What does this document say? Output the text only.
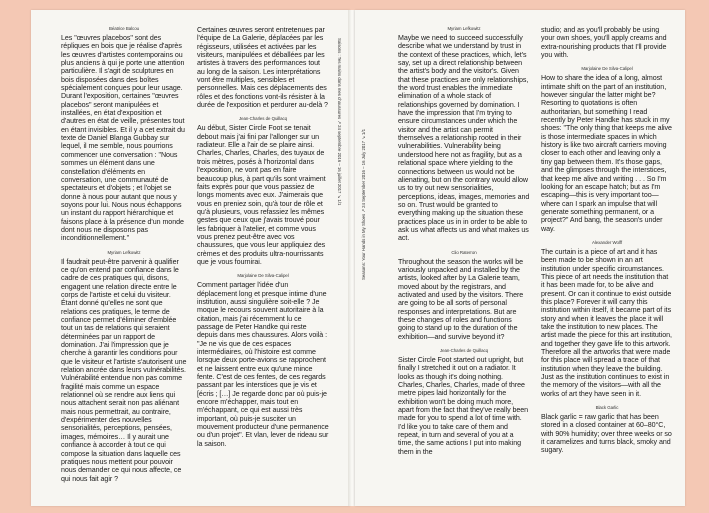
Béatrice Balcou

Les "œuvres placebos" sont des répliques en bois que je réalise d'après les œuvres d'artistes contemporains ou plus anciens à qui je porte une attention particulière. Il s'agit de sculptures en bois disposées dans des boîtes spécialement conçues pour leur usage. Durant l'exposition, certaines "œuvres placebos" seront manipulées et installées, en état d'exposition et d'autres en état de veille, présentes tout en étant invisibles. Et il y a cet extrait du texte de Daniel Blanga Gubbay sur lequel, il me semble, nous pourrions commencer une conversation : "Nous sommes un élément dans une constellation d'éléments en conversation, une communauté de spectateurs et d'objets ; et l'objet se donne à nous pour autant que nous y soyons pour lui. Nous nous échappons un instant du rapport hiérarchique et faisons place à la présence d'un monde dont nous ne disposons pas inconditionnellement."

Myriam Lefkowitz

Il faudrait peut-être parvenir à qualifier ce qu'on entend par confiance dans le cadre de ces pratiques qui, disons, engagent une relation directe entre le corps de l'artiste et celui du visiteur. Étant donné qu'elles ne sont que relations ces pratiques, le terme de confiance permet d'éliminer d'emblée tout un tas de relations qui seraient déterminées par un rapport de domination. J'ai l'impression que je cherche à garantir les conditions pour que le visiteur et l'artiste s'autorisent une relation ancrée dans leurs vulnérabilités. Vulnérabilité entendue non pas comme fragilité mais comme un espace relationnel où se rendre aux liens qui nous attachent serait non pas aliénant mais nous permettrait, au contraire, d'expérimenter des nouvelles sensorialités, perceptions, pensées, images, mémoires… Il y aurait une confiance à accorder à tout ce qui compose la situation dans laquelle ces pratiques nous mettent pour pouvoir nous demander ce qui nous affecte, ce qui nous fait agir ?

Certaines œuvres seront entretenues par l'équipe de La Galerie, déplacées par les régisseurs, utilisées et activées par les visiteurs, manipulées et déballées par les artistes à travers des performances tout au long de la saison. Les interprétations vont être multiples, sensibles et personnelles. Mais ces déplacements des rôles et des fonctions vont-ils résister à la durée de l'exposition et perdurer au-delà ?

Jean-Charles de Quillacq

Au début, Sister Circle Foot se tenait debout mais j'ai fini par l'allonger sur un radiateur. Elle a l'air de se plaire ainsi. Charles, Charles, Charles, des tuyaux de trois mètres, posés à l'horizontal dans l'exposition, ne vont pas en faire beaucoup plus, à part qu'ils sont vraiment faits exprès pour que vous passiez de longs moments avec eux. J'aimerais que vous en preniez soin, qu'à tour de rôle et qu'à plusieurs, vous refassiez les mêmes gestes que ceux que j'avais trouvé pour les fabriquer à l'atelier, et comme vous vous prenez peut-être avec vos chaussures, que vous leur appliquiez des crèmes et des produits ultra-nourrissants que je vous fournirai.

Marjolaine De Silva-Calipel

Comment partager l'idée d'un déplacement long et presque intime d'une institution, aussi singulière soit-elle ? Je moque le recours souvent autoritaire à la citation, mais j'ai récemment lu ce passage de Peter Handke qui reste depuis dans mes chaussures. Alors voilà : "Je ne vis que de ces espaces intermédiaires, où l'histoire est comme lorsque deux porte-avions se rapprochent et ne laissent entre eux qu'une mince fente. C'est de ces fentes, de ces regards passant par les interstices que je vis et [écris ; […] Je regarde donc par où puis-je encore m'échapper, mais tout en m'échappant, ce qui est aussi très important, où puis-je susciter un mouvement producteur d'une permanence ou d'un projet". Et vlan, lever de rideau sur la saison.

Saisons : Tes mains dans mes chaussures ↗ 24 septembre 2016 – 16 juillet 2017 ↘ 1/1	Seasons: Your Hands in My Shoes ↗ 24 September 2016 – 16 July 2017 ↘ 1/1
Myriam Lefkowitz

Maybe we need to succeed successfully describe what we understand by trust in the context of these practices, which, let's say, set up a direct relationship between the artist's body and the visitor's. Given that these practices are only relationships, the word trust enables the immediate elimination of a whole stack of relationships governed by domination. I have the impression that I'm trying to ensure circumstances under which the visitor and the artist can permit themselves a relationship rooted in their vulnerabilities. Vulnerability being understood here not as fragility, but as a relational space where yielding to the connections between us would not be alienating, but on the contrary would allow us to try out new sensorialities, perceptions, ideas, images, memories and so on. Trust would be granted to everything making up the situation these practices place us in in order to be able to ask us what affects us and what makes us act.

Clio Raterron

Throughout the season the works will be variously unpacked and installed by the artists, looked after by La Galerie team, moved about by the registrars, and activated and used by the visitors. There are going to be all sorts of personal responses and interpretations. But are these changes of roles and functions going to stand up to the duration of the exhibition—and survive beyond it?

Jean-Charles de Quillacq

Sister Circle Foot started out upright, but finally I stretched it out on a radiator. It looks as though it's doing nothing. Charles, Charles, Charles, made of three metre pipes laid horizontally for the exhibition won't be doing much more, apart from the fact that they've really been made for you to spend a lot of time with. I'd like you to take care of them and repeat, in turn and several of you at a time, the same actions I put into making them in the

studio; and as you'll probably be using your own shoes, you'll apply creams and extra-nourishing products that I'll provide you with.

Marjolaine De Silva-Calipel

How to share the idea of a long, almost intimate shift on the part of an institution, however singular the latter might be? Resorting to quotations is often authoritarian, but something I read recently by Peter Handke has stuck in my shoes: "The only thing that keeps me alive is those intermediate spaces in which history is like two aircraft carriers moving closer to each other and leaving only a tiny gap between them. It's those gaps, and the glimpses through the interstices, that keep me alive and writing . . . So I'm looking for an escape hatch; but as I'm escaping—this is very important too—where can I spark an impulse that will generate something permanent, or a project?" And bang, the season's under way.

Alexander Wolff

The curtain is a piece of art and it has been made to be shown in an art institution under specific circumstances. This piece of art needs the institution that it has been made for, to be alive and present. Or can it continue to exist outside this place? Forever it will carry this institution within itself, it became part of its story and when it leaves the place it will take the institution to new places. The artist made the piece for this art institution, and together they gave life to this artwork. Therefore all the artworks that were made for this place will spread a trace of that institution when they leave the building. Just as the institution continues to exist in the memory of the visitors—with all the works of art they have seen in it.

Black Garlic

Black garlic = raw garlic that has been stored in a closed container at 60–80°C, with 90% humidity; over three weeks or so it caramelizes and turns black, smoky and sugary.
